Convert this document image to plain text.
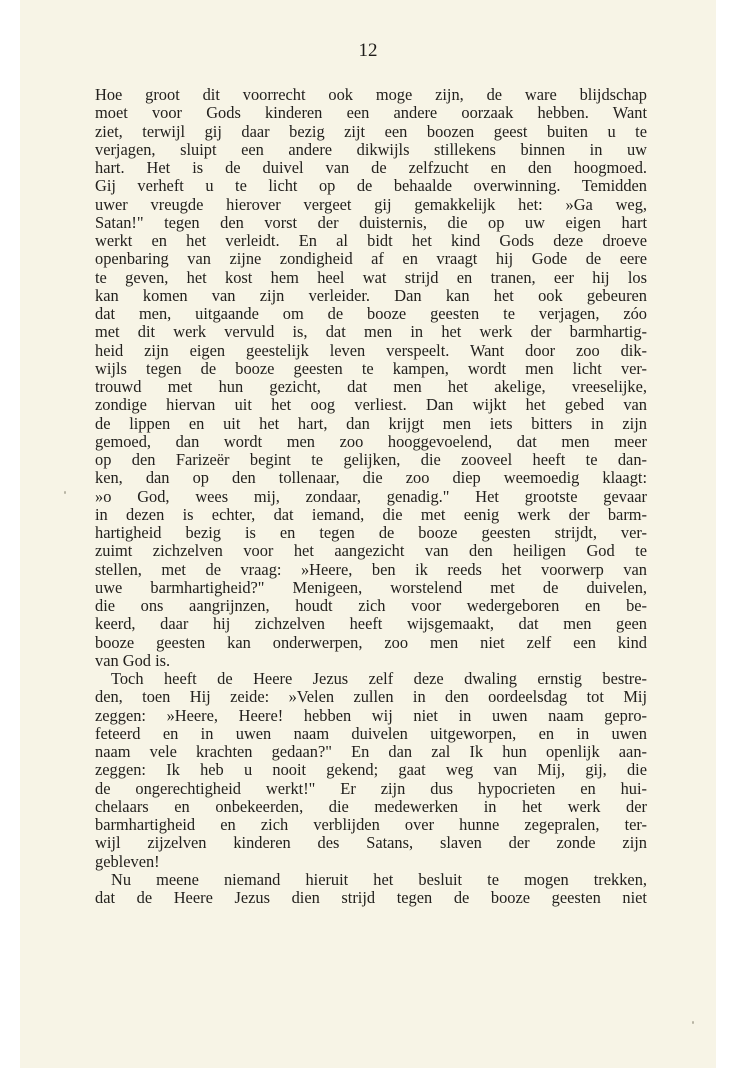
12
Hoe groot dit voorrecht ook moge zijn, de ware blijdschap
moet voor Gods kinderen een andere oorzaak hebben. Want
ziet, terwijl gij daar bezig zijt een boozen geest buiten u te
verjagen, sluipt een andere dikwijls stillekens binnen in uw
hart. Het is de duivel van de zelfzucht en den hoogmoed.
Gij verheft u te licht op de behaalde overwinning. Temidden
uwer vreugde hierover vergeet gij gemakkelijk het: »Ga weg,
Satan!" tegen den vorst der duisternis, die op uw eigen hart
werkt en het verleidt. En al bidt het kind Gods deze droeve
openbaring van zijne zondigheid af en vraagt hij Gode de eere
te geven, het kost hem heel wat strijd en tranen, eer hij los
kan komen van zijn verleider. Dan kan het ook gebeuren
dat men, uitgaande om de booze geesten te verjagen, zóo
met dit werk vervuld is, dat men in het werk der barmhartig-
heid zijn eigen geestelijk leven verspeelt. Want door zoo dik-
wijls tegen de booze geesten te kampen, wordt men licht ver-
trouwd met hun gezicht, dat men het akelige, vreeselijke,
zondige hiervan uit het oog verliest. Dan wijkt het gebed van
de lippen en uit het hart, dan krijgt men iets bitters in zijn
gemoed, dan wordt men zoo hooggevoelend, dat men meer
op den Farizeër begint te gelijken, die zooveel heeft te dan-
ken, dan op den tollenaar, die zoo diep weemoedig klaagt:
»o God, wees mij, zondaar, genadig." Het grootste gevaar
in dezen is echter, dat iemand, die met eenig werk der barm-
hartigheid bezig is en tegen de booze geesten strijdt, ver-
zuimt zichzelven voor het aangezicht van den heiligen God te
stellen, met de vraag: »Heere, ben ik reeds het voorwerp van
uwe barmhartigheid?" Menigeen, worstelend met de duivelen,
die ons aangrijnzen, houdt zich voor wedergeboren en be-
keerd, daar hij zichzelven heeft wijsgemaakt, dat men geen
booze geesten kan onderwerpen, zoo men niet zelf een kind
van God is.
Toch heeft de Heere Jezus zelf deze dwaling ernstig bestre-
den, toen Hij zeide: »Velen zullen in den oordeelsdag tot Mij
zeggen: »Heere, Heere! hebben wij niet in uwen naam gepro-
feteerd en in uwen naam duivelen uitgeworpen, en in uwen
naam vele krachten gedaan?" En dan zal Ik hun openlijk aan-
zeggen: Ik heb u nooit gekend; gaat weg van Mij, gij, die
de ongerechtigheid werkt!" Er zijn dus hypocrieten en hui-
chelaars en onbekeerden, die medewerken in het werk der
barmhartigheid en zich verblijden over hunne zegepralen, ter-
wijl zijzelven kinderen des Satans, slaven der zonde zijn
gebleven!
Nu meene niemand hieruit het besluit te mogen trekken,
dat de Heere Jezus dien strijd tegen de booze geesten niet
